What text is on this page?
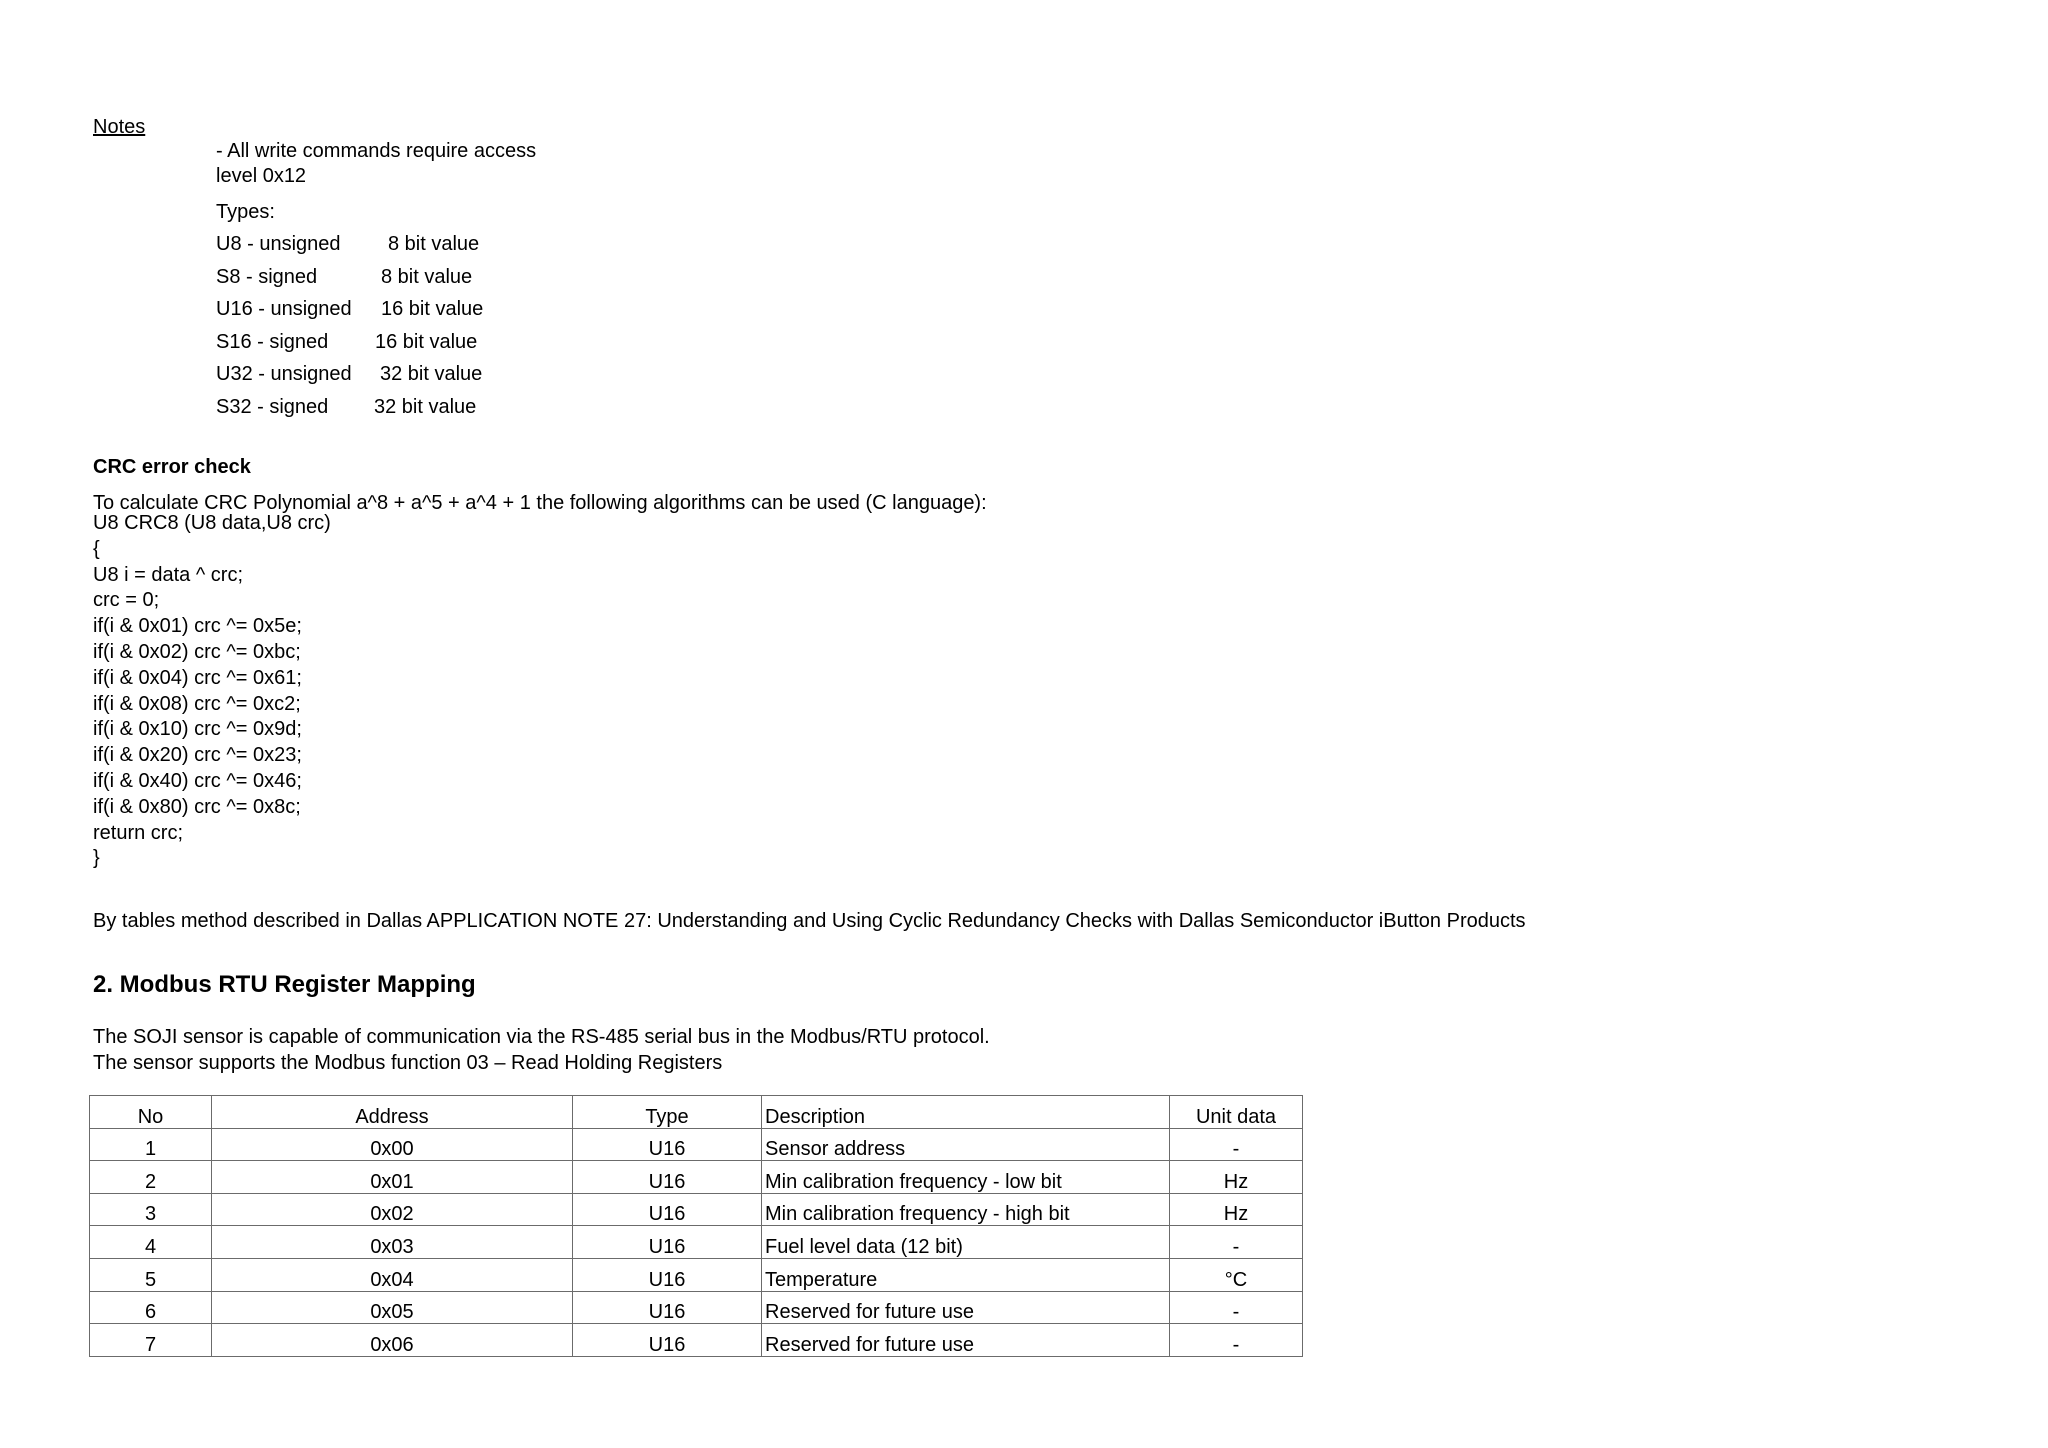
Notes
- All write commands require access
level 0x12
Types:
U8 - unsigned	8 bit value
S8 - signed	8 bit value
U16 - unsigned	16 bit value
S16 - signed	16 bit value
U32 - unsigned	32 bit value
S32 - signed	32 bit value
CRC error check
To calculate CRC Polynomial a^8 + a^5 + a^4 + 1 the following algorithms can be used (C language):
U8 CRC8 (U8 data,U8 crc)
{
U8 i = data ^ crc;
crc = 0;
if(i & 0x01) crc ^= 0x5e;
if(i & 0x02) crc ^= 0xbc;
if(i & 0x04) crc ^= 0x61;
if(i & 0x08) crc ^= 0xc2;
if(i & 0x10) crc ^= 0x9d;
if(i & 0x20) crc ^= 0x23;
if(i & 0x40) crc ^= 0x46;
if(i & 0x80) crc ^= 0x8c;
return crc;
}
By tables method described in Dallas APPLICATION NOTE 27: Understanding and Using Cyclic Redundancy Checks with Dallas Semiconductor iButton Products
2. Modbus RTU Register Mapping
The SOJI sensor is capable of communication via the RS-485 serial bus in the Modbus/RTU protocol.
The sensor supports the Modbus function 03 – Read Holding Registers
No	Address	Type	Description	Unit data
1	0x00	U16	Sensor address	-
2	0x01	U16	Min calibration frequency - low bit	Hz
3	0x02	U16	Min calibration frequency - high bit	Hz
4	0x03	U16	Fuel level data (12 bit)	-
5	0x04	U16	Temperature	°C
6	0x05	U16	Reserved for future use	-
7	0x06	U16	Reserved for future use	-
